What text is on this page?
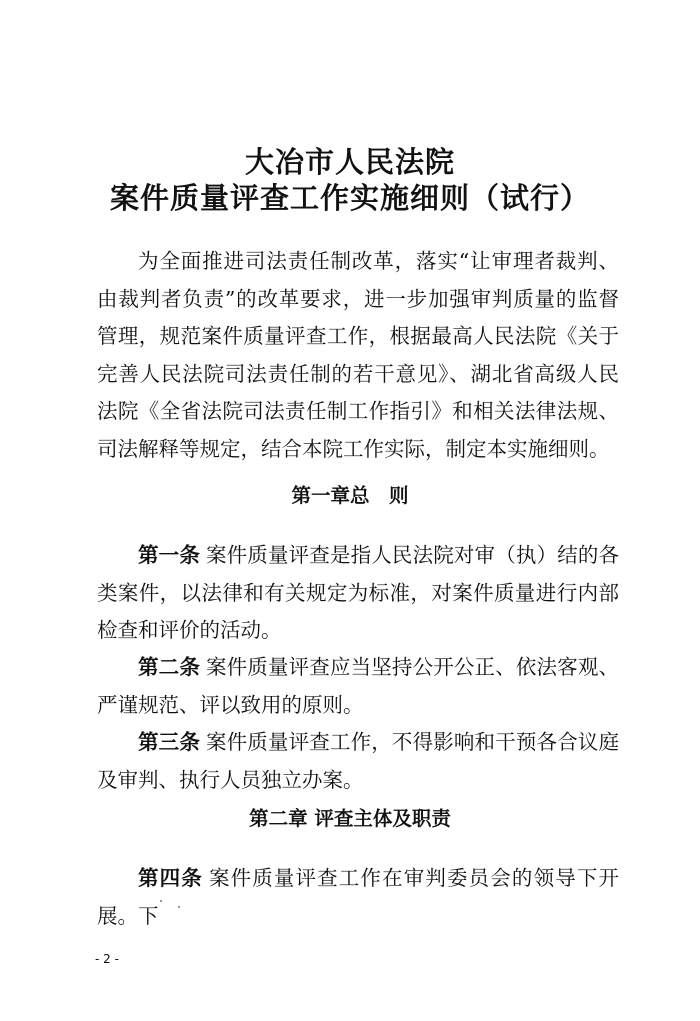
大冶市人民法院
案件质量评查工作实施细则（试行）

为全面推进司法责任制改革，落实“让审理者裁判、由裁判者负责”的改革要求，进一步加强审判质量的监督管理，规范案件质量评查工作，根据最高人民法院《关于完善人民法院司法责任制的若干意见》、湖北省高级人民法院《全省法院司法责任制工作指引》和相关法律法规、司法解释等规定，结合本院工作实际，制定本实施细则。

第一章总　则

第一条 案件质量评查是指人民法院对审（执）结的各类案件，以法律和有关规定为标准，对案件质量进行内部检查和评价的活动。

第二条 案件质量评查应当坚持公开公正、依法客观、严谨规范、评以致用的原则。

第三条 案件质量评查工作，不得影响和干预各合议庭及审判、执行人员独立办案。

第二章 评查主体及职责

第四条 案件质量评查工作在审判委员会的领导下开展。下

- 2 -
